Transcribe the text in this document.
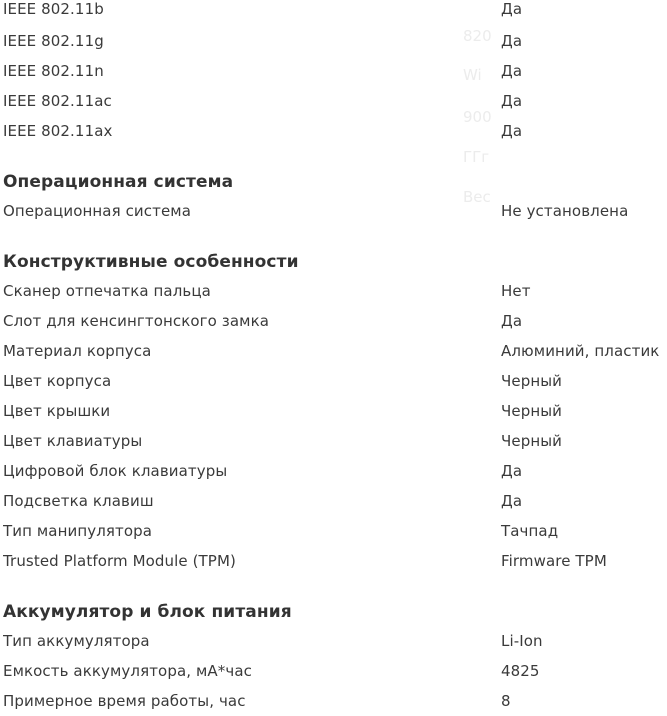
820
Wi
900
ГГг
Вес
IEEE 802.11b	Да
IEEE 802.11g	Да
IEEE 802.11n	Да
IEEE 802.11ac	Да
IEEE 802.11ax	Да
Операционная система
Операционная система	Не установлена
Конструктивные особенности
Сканер отпечатка пальца	Нет
Слот для кенсингтонского замка	Да
Материал корпуса	Алюминий, пластик
Цвет корпуса	Черный
Цвет крышки	Черный
Цвет клавиатуры	Черный
Цифровой блок клавиатуры	Да
Подсветка клавиш	Да
Тип манипулятора	Тачпад
Trusted Platform Module (TPM)	Firmware TPM
Аккумулятор и блок питания
Тип аккумулятора	Li-Ion
Емкость аккумулятора, мА*час	4825
Примерное время работы, час	8
